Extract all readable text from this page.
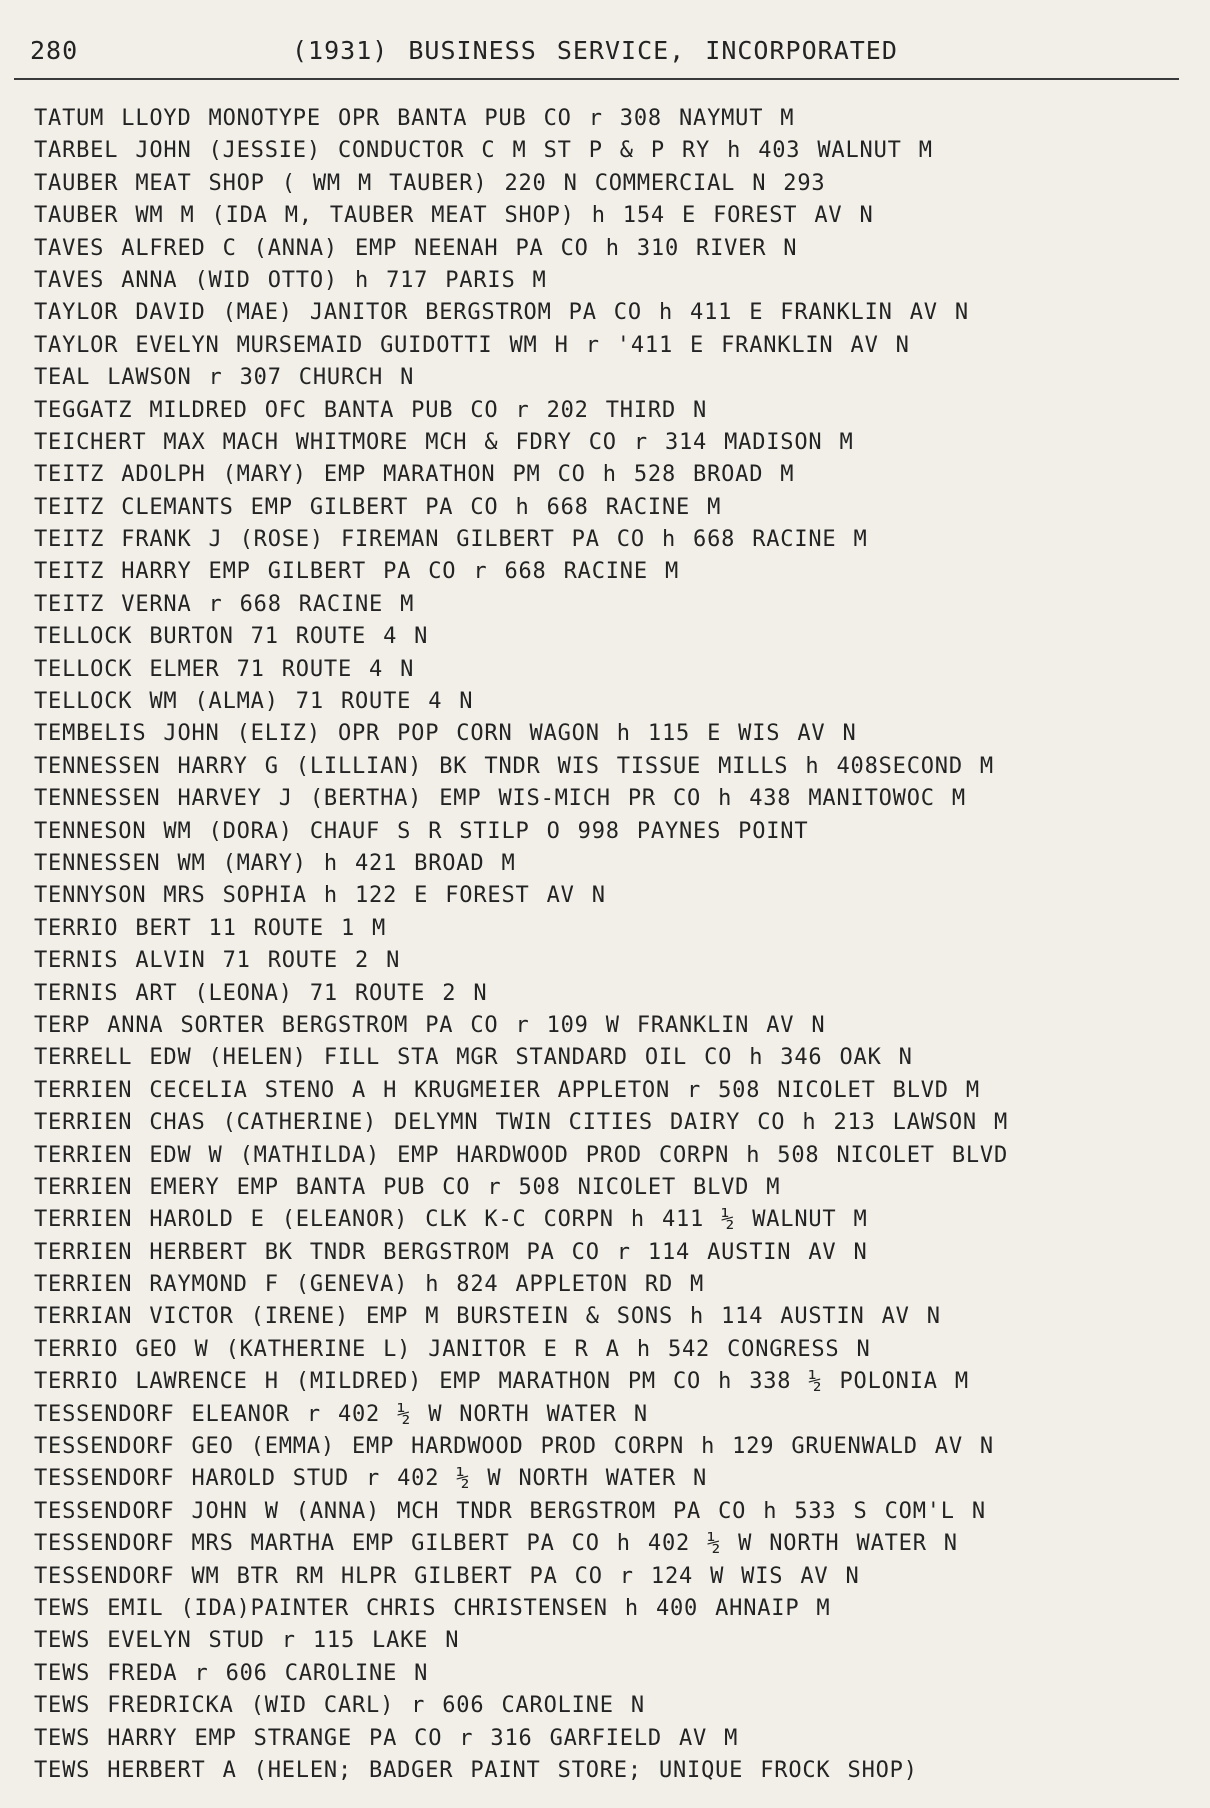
280	(1931) BUSINESS SERVICE, INCORPORATED
TATUM LLOYD MONOTYPE OPR BANTA PUB CO r 308 NAYMUT M
TARBEL JOHN (JESSIE) CONDUCTOR C M ST P & P RY h 403 WALNUT M
TAUBER MEAT SHOP ( WM M TAUBER) 220 N COMMERCIAL N 293
TAUBER WM M (IDA M, TAUBER MEAT SHOP) h 154 E FOREST AV N
TAVES ALFRED C (ANNA) EMP NEENAH PA CO h 310 RIVER N
TAVES ANNA (WID OTTO) h 717 PARIS M
TAYLOR DAVID (MAE) JANITOR BERGSTROM PA CO h 411 E FRANKLIN AV N
TAYLOR EVELYN MURSEMAID GUIDOTTI WM H r '411 E FRANKLIN AV N
TEAL LAWSON r 307 CHURCH N
TEGGATZ MILDRED OFC BANTA PUB CO r 202 THIRD N
TEICHERT MAX MACH WHITMORE MCH & FDRY CO r 314 MADISON M
TEITZ ADOLPH (MARY) EMP MARATHON PM CO h 528 BROAD M
TEITZ CLEMANTS EMP GILBERT PA CO h 668 RACINE M
TEITZ FRANK J (ROSE) FIREMAN GILBERT PA CO h 668 RACINE M
TEITZ HARRY EMP GILBERT PA CO r 668 RACINE M
TEITZ VERNA r 668 RACINE M
TELLOCK BURTON 71 ROUTE 4 N
TELLOCK ELMER 71 ROUTE 4 N
TELLOCK WM (ALMA) 71 ROUTE 4 N
TEMBELIS JOHN (ELIZ) OPR POP CORN WAGON h 115 E WIS AV N
TENNESSEN HARRY G (LILLIAN) BK TNDR WIS TISSUE MILLS h 408SECOND M
TENNESSEN HARVEY J (BERTHA) EMP WIS-MICH PR CO h 438 MANITOWOC M
TENNESON WM (DORA) CHAUF S R STILP O 998 PAYNES POINT
TENNESSEN WM (MARY) h 421 BROAD M
TENNYSON MRS SOPHIA h 122 E FOREST AV N
TERRIO BERT 11 ROUTE 1 M
TERNIS ALVIN 71 ROUTE 2 N
TERNIS ART (LEONA) 71 ROUTE 2 N
TERP ANNA SORTER BERGSTROM PA CO r 109 W FRANKLIN AV N
TERRELL EDW (HELEN) FILL STA MGR STANDARD OIL CO h 346 OAK N
TERRIEN CECELIA STENO A H KRUGMEIER APPLETON r 508 NICOLET BLVD M
TERRIEN CHAS (CATHERINE) DELYMN TWIN CITIES DAIRY CO h 213 LAWSON M
TERRIEN EDW W (MATHILDA) EMP HARDWOOD PROD CORPN h 508 NICOLET BLVD
TERRIEN EMERY EMP BANTA PUB CO r 508 NICOLET BLVD M
TERRIEN HAROLD E (ELEANOR) CLK K-C CORPN h 411 ½ WALNUT M
TERRIEN HERBERT BK TNDR BERGSTROM PA CO r 114 AUSTIN AV N
TERRIEN RAYMOND F (GENEVA) h 824 APPLETON RD M
TERRIAN VICTOR (IRENE) EMP M BURSTEIN & SONS h 114 AUSTIN AV N
TERRIO GEO W (KATHERINE L) JANITOR E R A h 542 CONGRESS N
TERRIO LAWRENCE H (MILDRED) EMP MARATHON PM CO h 338 ½ POLONIA M
TESSENDORF ELEANOR r 402 ½ W NORTH WATER N
TESSENDORF GEO (EMMA) EMP HARDWOOD PROD CORPN h 129 GRUENWALD AV N
TESSENDORF HAROLD STUD r 402 ½ W NORTH WATER N
TESSENDORF JOHN W (ANNA) MCH TNDR BERGSTROM PA CO h 533 S COM'L N
TESSENDORF MRS MARTHA EMP GILBERT PA CO h 402 ½ W NORTH WATER N
TESSENDORF WM BTR RM HLPR GILBERT PA CO r 124 W WIS AV N
TEWS EMIL (IDA)PAINTER CHRIS CHRISTENSEN h 400 AHNAIP M
TEWS EVELYN STUD r 115 LAKE N
TEWS FREDA r 606 CAROLINE N
TEWS FREDRICKA (WID CARL) r 606 CAROLINE N
TEWS HARRY EMP STRANGE PA CO r 316 GARFIELD AV M
TEWS HERBERT A (HELEN; BADGER PAINT STORE; UNIQUE FROCK SHOP)
